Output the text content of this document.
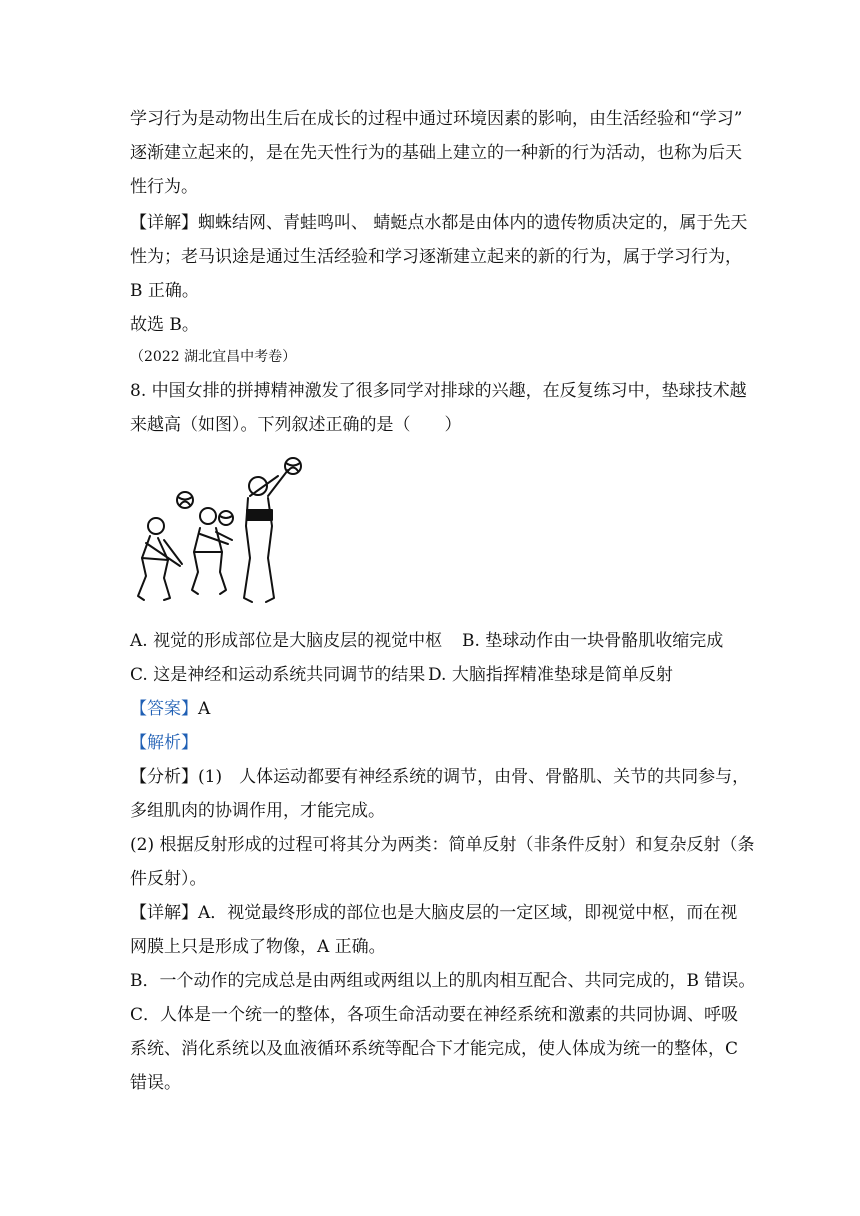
学习行为是动物出生后在成长的过程中通过环境因素的影响，由生活经验和“学习”
逐渐建立起来的，是在先天性行为的基础上建立的一种新的行为活动，也称为后天
性行为。
【详解】蜘蛛结网、青蛙鸣叫、 蜻蜓点水都是由体内的遗传物质决定的，属于先天
性为；老马识途是通过生活经验和学习逐渐建立起来的新的行为，属于学习行为，
B 正确。
故选 B。
（2022 湖北宜昌中考卷）
8. 中国女排的拼搏精神激发了很多同学对排球的兴趣，在反复练习中，垫球技术越
来越高（如图）。下列叙述正确的是（　　）
A. 视觉的形成部位是大脑皮层的视觉中枢 B. 垫球动作由一块骨骼肌收缩完成
C. 这是神经和运动系统共同调节的结果 D. 大脑指挥精准垫球是简单反射
【答案】A
【解析】
【分析】(1)　人体运动都要有神经系统的调节，由骨、骨骼肌、关节的共同参与，
多组肌肉的协调作用，才能完成。
(2) 根据反射形成的过程可将其分为两类：简单反射（非条件反射）和复杂反射（条
件反射）。
【详解】A．视觉最终形成的部位也是大脑皮层的一定区域，即视觉中枢，而在视
网膜上只是形成了物像，A 正确。
B．一个动作的完成总是由两组或两组以上的肌肉相互配合、共同完成的，B 错误。
C．人体是一个统一的整体，各项生命活动要在神经系统和激素的共同协调、呼吸
系统、消化系统以及血液循环系统等配合下才能完成，使人体成为统一的整体，C
错误。
